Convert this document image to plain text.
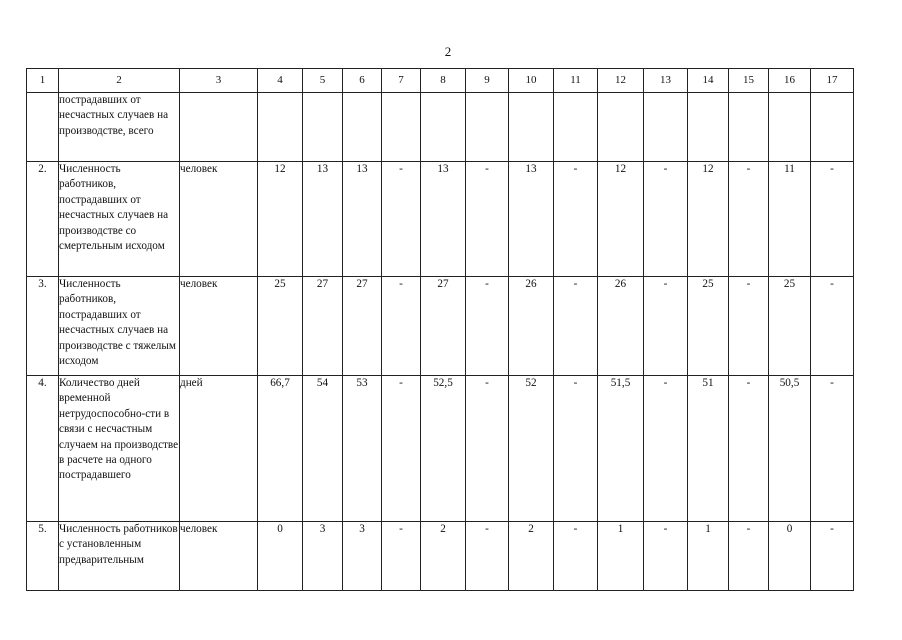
2
1	2	3	4	5	6	7	8	9	10	11	12	13	14	15	16	17
	пострадавших от несчастных случаев на производстве, всего															
2.	Численность работников, пострадавших от несчастных случаев на производстве со смертельным исходом	человек	12	13	13	-	13	-	13	-	12	-	12	-	11	-
3.	Численность работников, пострадавших от несчастных случаев на производстве с тяжелым исходом	человек	25	27	27	-	27	-	26	-	26	-	25	-	25	-
4.	Количество дней временной нетрудоспособно-сти в связи с несчастным случаем на производстве в расчете на одного пострадавшего	дней	66,7	54	53	-	52,5	-	52	-	51,5	-	51	-	50,5	-
5.	Численность работников с установленным предварительным	человек	0	3	3	-	2	-	2	-	1	-	1	-	0	-
